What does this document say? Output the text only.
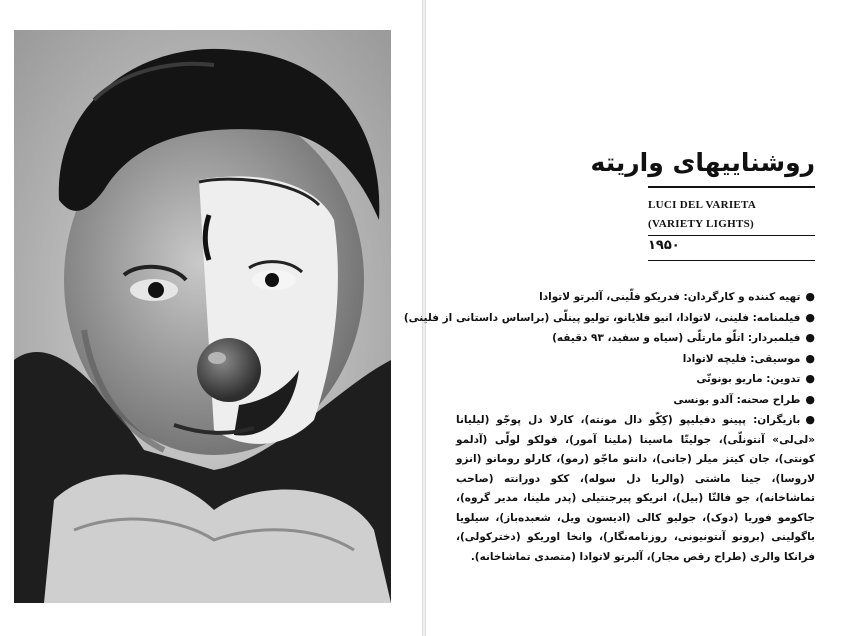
روشناییهای واریته
LUCI DEL VARIETA
(VARIETY LIGHTS)
۱۹۵۰

●تهیه کننده و کارگردان: فدریکو فلّینی، آلبرتو لاتوادا

●فیلمنامه: فلینی، لاتوادا، انیو فلایانو، تولیو پینلّی (براساس داستانی از فلینی)

●فیلمبردار: اتلّو مارتلّی (سیاه و سفید، ۹۳ دقیقه)

●موسیقی: فلیچه لاتوادا

●تدوین: ماریو بونوتّی

●طراح صحنه: آلدو بونسی

●بازیگران: پپینو دفیلیپو (کِکّو دال مونته)، کارلا دل پوجّو (لیلیانا «لی‌لی» آنتونلّی)، جولیتّا ماسینا (ملینا آمور)، فولکو لولّی (آدلمو کونتی)، جان کیتز میلر (جانی)، دانتو ماجّو (رمو)، کارلو رومانو (انزو لاروسا)، جینا ماشتی (والریا دل سوله)، ککو دورانته (صاحب تماشاخانه)، جو فالتّا (بیل)، انریکو پیرجنتیلی (پدر ملینا، مدیر گروه)، جاکومو فوریا (دوک)، جولیو کالی (ادیسون ویل، شعبده‌باز)، سیلویا باگولینی (برونو آنتونیونی، روزنامه‌نگار)، وانخا اوریکو (دخترکولی)، فرانکا والری (طراح رقص مجار)، آلبرتو لاتوادا (متصدی تماشاخانه).
